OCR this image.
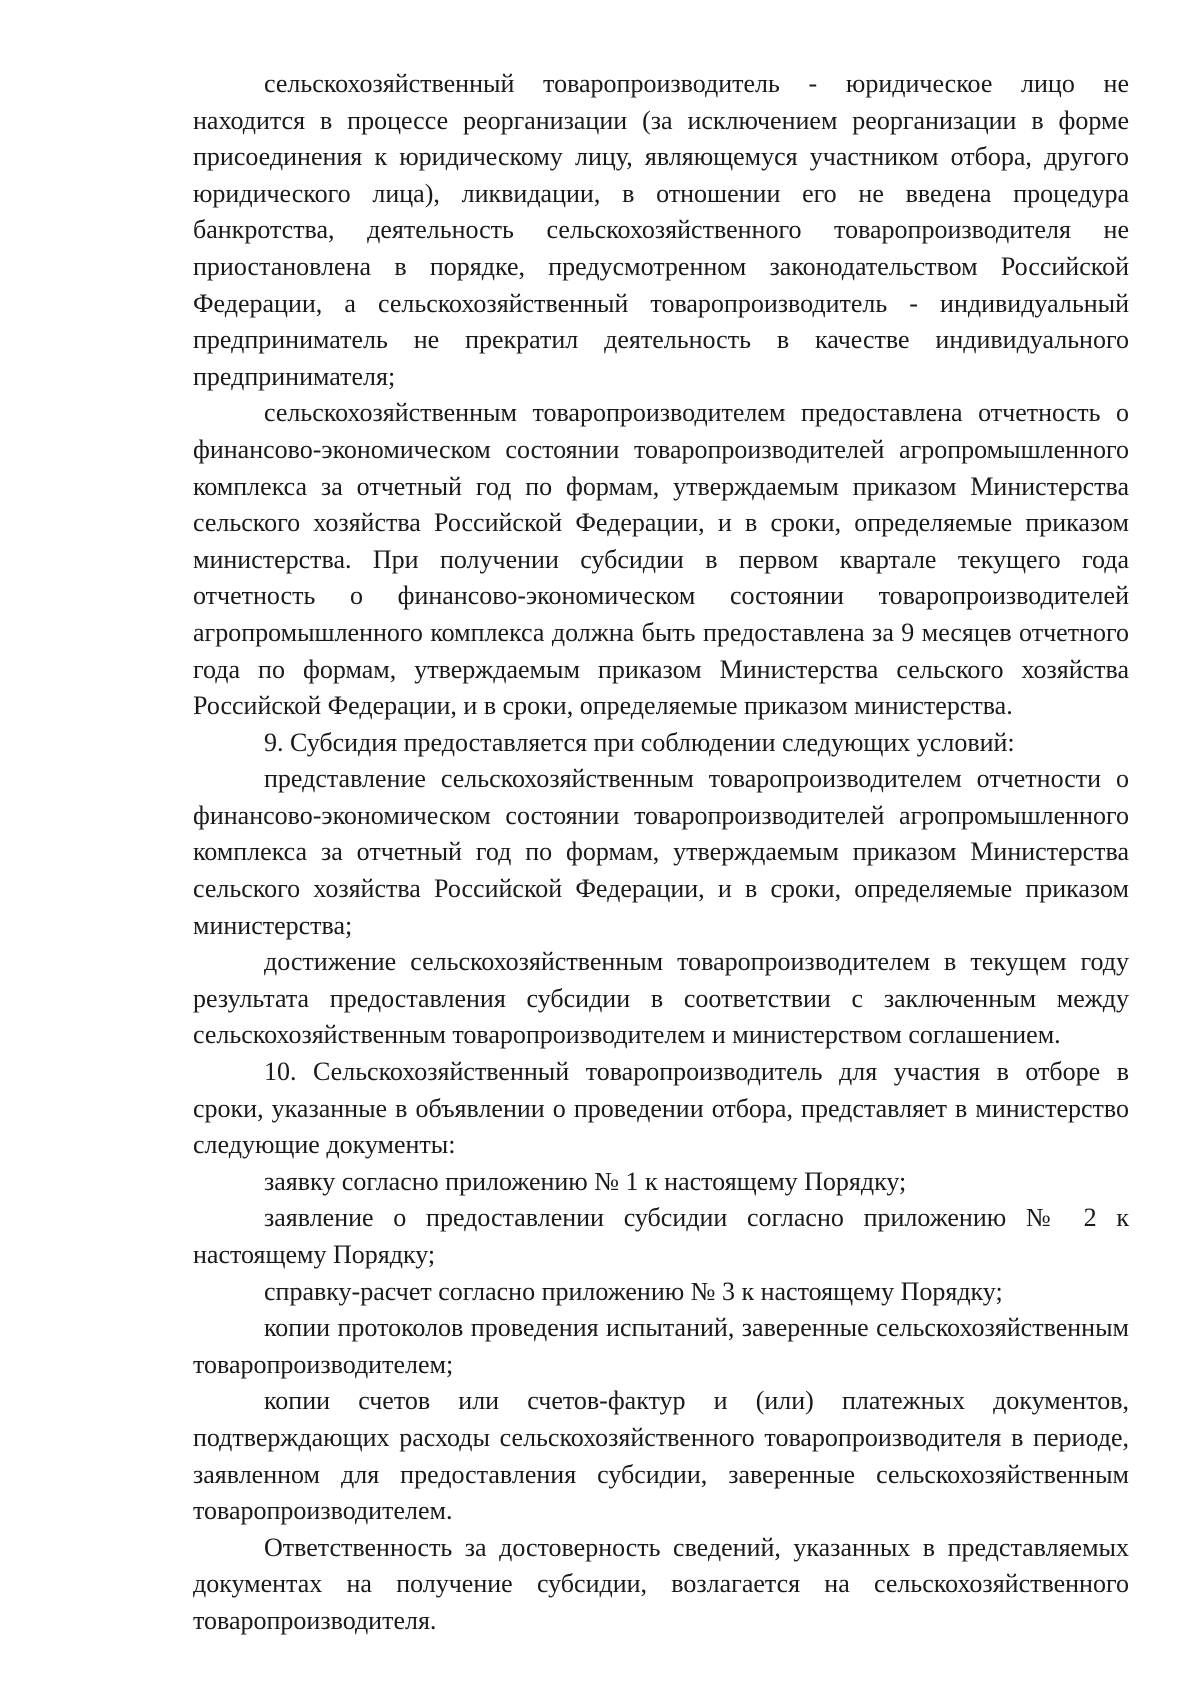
сельскохозяйственный товаропроизводитель - юридическое лицо не находится в процессе реорганизации (за исключением реорганизации в форме присоединения к юридическому лицу, являющемуся участником отбора, другого юридического лица), ликвидации, в отношении его не введена процедура банкротства, деятельность сельскохозяйственного товаропроизводителя не приостановлена в порядке, предусмотренном законодательством Российской Федерации, а сельскохозяйственный товаропроизводитель - индивидуальный предприниматель не прекратил деятельность в качестве индивидуального предпринимателя;

сельскохозяйственным товаропроизводителем предоставлена отчетность о финансово-экономическом состоянии товаропроизводителей агропромышленного комплекса за отчетный год по формам, утверждаемым приказом Министерства сельского хозяйства Российской Федерации, и в сроки, определяемые приказом министерства. При получении субсидии в первом квартале текущего года отчетность о финансово-экономическом состоянии товаропроизводителей агропромышленного комплекса должна быть предоставлена за 9 месяцев отчетного года по формам, утверждаемым приказом Министерства сельского хозяйства Российской Федерации, и в сроки, определяемые приказом министерства.

9. Субсидия предоставляется при соблюдении следующих условий:

представление сельскохозяйственным товаропроизводителем отчетности о финансово-экономическом состоянии товаропроизводителей агропромышленного комплекса за отчетный год по формам, утверждаемым приказом Министерства сельского хозяйства Российской Федерации, и в сроки, определяемые приказом министерства;

достижение сельскохозяйственным товаропроизводителем в текущем году результата предоставления субсидии в соответствии с заключенным между сельскохозяйственным товаропроизводителем и министерством соглашением.

10. Сельскохозяйственный товаропроизводитель для участия в отборе в сроки, указанные в объявлении о проведении отбора, представляет в министерство следующие документы:

заявку согласно приложению № 1 к настоящему Порядку;

заявление о предоставлении субсидии согласно приложению № 2 к настоящему Порядку;

справку-расчет согласно приложению № 3 к настоящему Порядку;

копии протоколов проведения испытаний, заверенные сельскохозяйственным товаропроизводителем;

копии счетов или счетов-фактур и (или) платежных документов, подтверждающих расходы сельскохозяйственного товаропроизводителя в периоде, заявленном для предоставления субсидии, заверенные сельскохозяйственным товаропроизводителем.

Ответственность за достоверность сведений, указанных в представляемых документах на получение субсидии, возлагается на сельскохозяйственного товаропроизводителя.
